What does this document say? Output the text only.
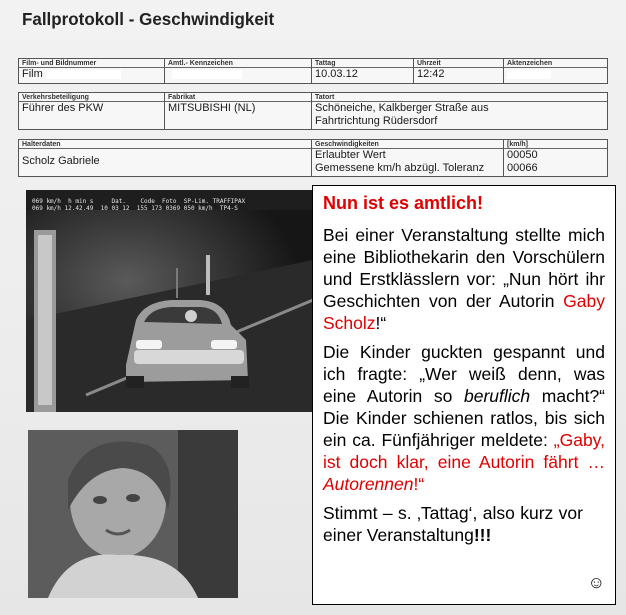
Fallprotokoll - Geschwindigkeit
Film- und Bildnummer
Film
Amtl.- Kennzeichen	Tattag
10.03.12
Uhrzeit
12:42
Aktenzeichen
Verkehrsbeteiligung
Führer des PKW
Fabrikat
MITSUBISHI (NL)
Tatort
Schöneiche, Kalkberger Straße aus Fahrtrichtung Rüdersdorf
Halterdaten
Scholz Gabriele
Geschwindigkeiten
Erlaubter Wert
Gemessene km/h abzügl. Toleranz
[km/h]
00050
00066
069 km/h  h min s     Dat.    Code  Foto  SP-Lim. TRAFFIPAX
069 km/h 12.42.49  10 03 12  155 173 0369 050 km/h  TP4-S	Nun ist es amtlich!

Bei einer Veranstaltung stellte mich eine Bibliothekarin den Vorschülern und Erstklässlern vor: „Nun hört ihr Geschichten von der Autorin Gaby Scholz!“

Die Kinder guckten gespannt und ich fragte: „Wer weiß denn, was eine Autorin so beruflich macht?“ Die Kinder schienen ratlos, bis sich ein ca. Fünfjähriger meldete: „Gaby, ist doch klar, eine Autorin fährt … Autorennen!“

Stimmt – s. ‚Tattag‘, also kurz vor einer Veranstaltung!!!

☺
